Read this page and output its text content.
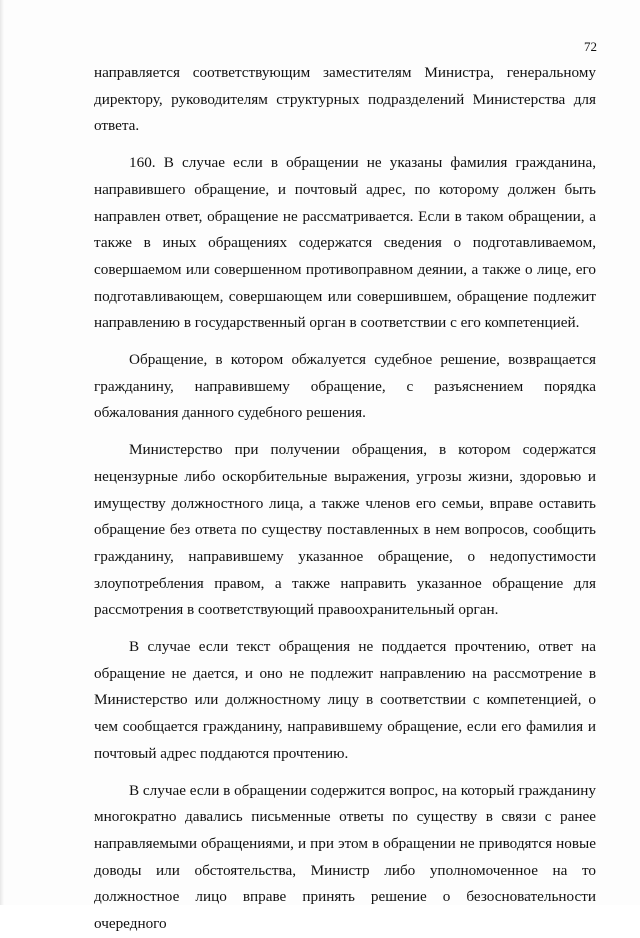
72

направляется соответствующим заместителям Министра, генеральному директору, руководителям структурных подразделений Министерства для ответа.

160. В случае если в обращении не указаны фамилия гражданина, направившего обращение, и почтовый адрес, по которому должен быть направлен ответ, обращение не рассматривается. Если в таком обращении, а также в иных обращениях содержатся сведения о подготавливаемом, совершаемом или совершенном противоправном деянии, а также о лице, его подготавливающем, совершающем или совершившем, обращение подлежит направлению в государственный орган в соответствии с его компетенцией.

Обращение, в котором обжалуется судебное решение, возвращается гражданину, направившему обращение, с разъяснением порядка обжалования данного судебного решения.

Министерство при получении обращения, в котором содержатся нецензурные либо оскорбительные выражения, угрозы жизни, здоровью и имуществу должностного лица, а также членов его семьи, вправе оставить обращение без ответа по существу поставленных в нем вопросов, сообщить гражданину, направившему указанное обращение, о недопустимости злоупотребления правом, а также направить указанное обращение для рассмотрения в соответствующий правоохранительный орган.

В случае если текст обращения не поддается прочтению, ответ на обращение не дается, и оно не подлежит направлению на рассмотрение в Министерство или должностному лицу в соответствии с компетенцией, о чем сообщается гражданину, направившему обращение, если его фамилия и почтовый адрес поддаются прочтению.

В случае если в обращении содержится вопрос, на который гражданину многократно давались письменные ответы по существу в связи с ранее направляемыми обращениями, и при этом в обращении не приводятся новые доводы или обстоятельства, Министр либо уполномоченное на то должностное лицо вправе принять решение о безосновательности очередного
